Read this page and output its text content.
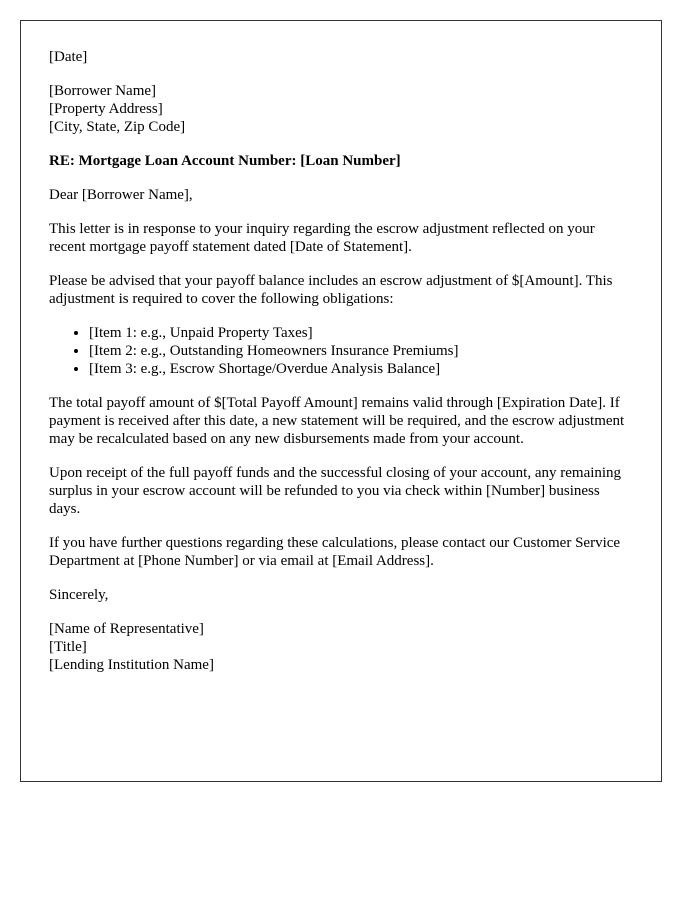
[Date]

[Borrower Name]
[Property Address]
[City, State, Zip Code]

RE: Mortgage Loan Account Number: [Loan Number]

Dear [Borrower Name],

This letter is in response to your inquiry regarding the escrow adjustment reflected on your recent mortgage payoff statement dated [Date of Statement].

Please be advised that your payoff balance includes an escrow adjustment of $[Amount]. This adjustment is required to cover the following obligations:

• [Item 1: e.g., Unpaid Property Taxes]
• [Item 2: e.g., Outstanding Homeowners Insurance Premiums]
• [Item 3: e.g., Escrow Shortage/Overdue Analysis Balance]

The total payoff amount of $[Total Payoff Amount] remains valid through [Expiration Date]. If payment is received after this date, a new statement will be required, and the escrow adjustment may be recalculated based on any new disbursements made from your account.

Upon receipt of the full payoff funds and the successful closing of your account, any remaining surplus in your escrow account will be refunded to you via check within [Number] business days.

If you have further questions regarding these calculations, please contact our Customer Service Department at [Phone Number] or via email at [Email Address].

Sincerely,

[Name of Representative]
[Title]
[Lending Institution Name]
